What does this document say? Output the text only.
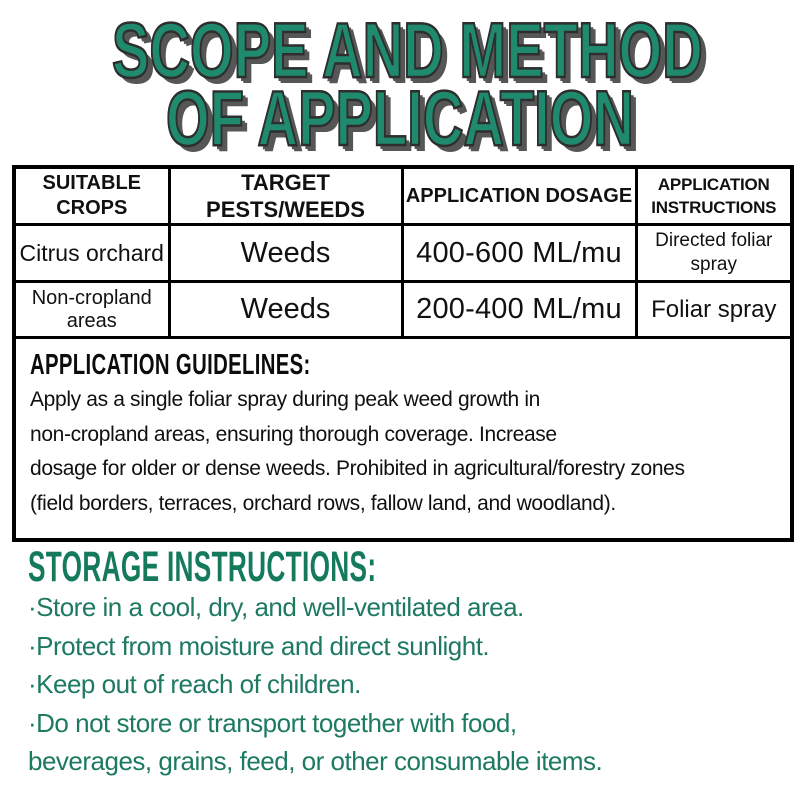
SCOPE AND METHOD
OF APPLICATION
SUITABLE CROPS	TARGET PESTS/WEEDS	APPLICATION DOSAGE	APPLICATION INSTRUCTIONS
Citrus orchard	Weeds	400-600 ML/mu	Directed foliar spray
Non-cropland areas	Weeds	200-400 ML/mu	Foliar spray

APPLICATION GUIDELINES:
Apply as a single foliar spray during peak weed growth in
non-cropland areas, ensuring thorough coverage. Increase
dosage for older or dense weeds. Prohibited in agricultural/forestry zones
(field borders, terraces, orchard rows, fallow land, and woodland).			
STORAGE INSTRUCTIONS:
·Store in a cool, dry, and well-ventilated area.
·Protect from moisture and direct sunlight.
·Keep out of reach of children.
·Do not store or transport together with food,
beverages, grains, feed, or other consumable items.
